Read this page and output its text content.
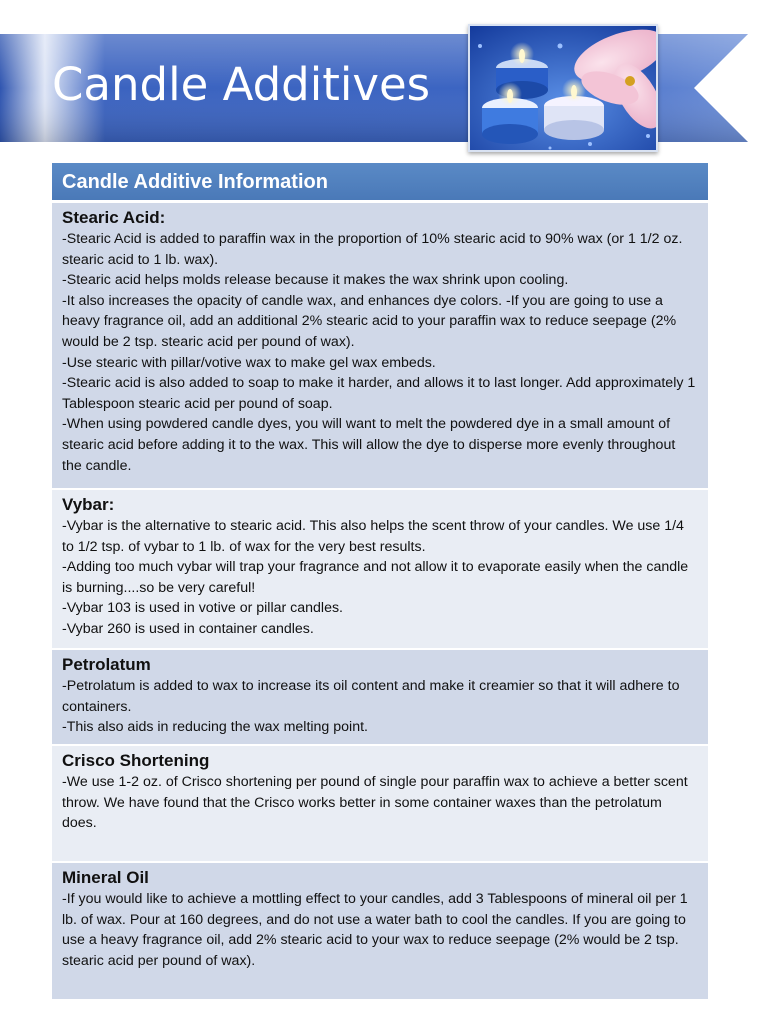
Candle Additives
Candle Additive Information
Stearic Acid:
-Stearic Acid is added to paraffin wax in the proportion of 10% stearic acid to 90% wax (or 1 1/2 oz. stearic acid to 1 lb. wax).
-Stearic acid helps molds release because it makes the wax shrink upon cooling.
-It also increases the opacity of candle wax, and enhances dye colors. -If you are going to use a heavy fragrance oil, add an additional 2% stearic acid to your paraffin wax to reduce seepage (2% would be 2 tsp. stearic acid per pound of wax).
-Use stearic with pillar/votive wax to make gel wax embeds.
-Stearic acid is also added to soap to make it harder, and allows it to last longer. Add approximately 1 Tablespoon stearic acid per pound of soap.
-When using powdered candle dyes, you will want to melt the powdered dye in a small amount of stearic acid before adding it to the wax. This will allow the dye to disperse more evenly throughout the candle.
Vybar:
-Vybar is the alternative to stearic acid. This also helps the scent throw of your candles. We use 1/4 to 1/2 tsp. of vybar to 1 lb. of wax for the very best results.
-Adding too much vybar will trap your fragrance and not allow it to evaporate easily when the candle is burning....so be very careful!
-Vybar 103 is used in votive or pillar candles.
-Vybar 260 is used in container candles.
Petrolatum
-Petrolatum is added to wax to increase its oil content and make it creamier so that it will adhere to containers.
-This also aids in reducing the wax melting point.
Crisco Shortening
-We use 1-2 oz. of Crisco shortening per pound of single pour paraffin wax to achieve a better scent throw. We have found that the Crisco works better in some container waxes than the petrolatum does.
Mineral Oil
-If you would like to achieve a mottling effect to your candles, add 3 Tablespoons of mineral oil per 1 lb. of wax. Pour at 160 degrees, and do not use a water bath to cool the candles. If you are going to use a heavy fragrance oil, add 2% stearic acid to your wax to reduce seepage (2% would be 2 tsp. stearic acid per pound of wax).
